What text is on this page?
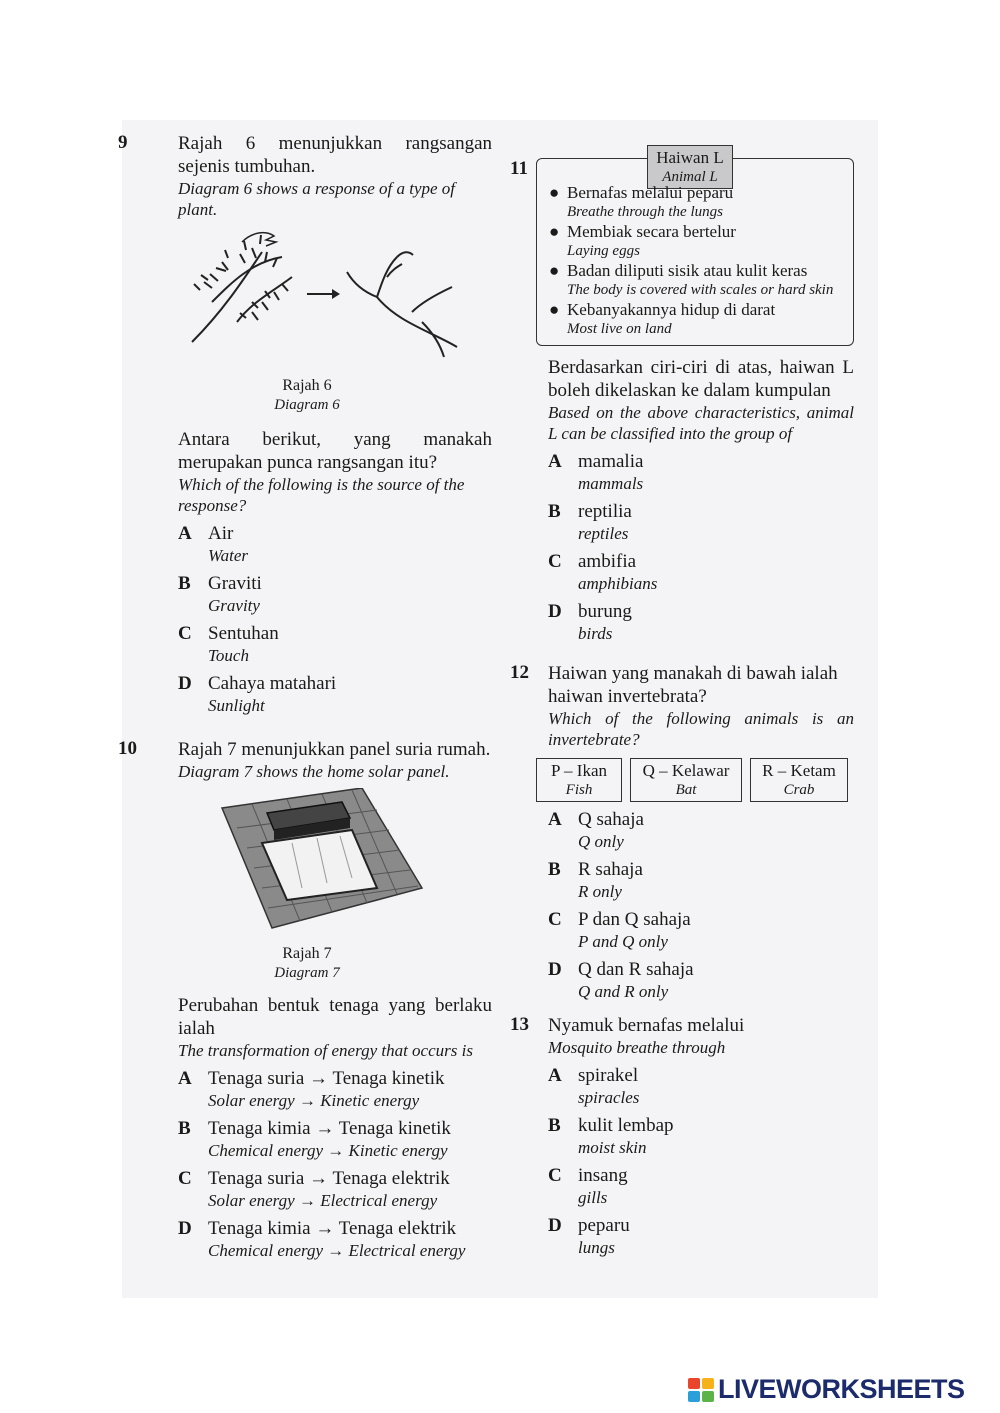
9	Rajah 6 menunjukkan rangsangan sejenis tumbuhan.
Diagram 6 shows a response of a type of plant.
Rajah 6
Diagram 6
Antara berikut, yang manakah merupakan punca rangsangan itu?
Which of the following is the source of the response?
A Air
Water
B Graviti
Gravity
C Sentuhan
Touch
D Cahaya matahari
Sunlight
10 Rajah 7 menunjukkan panel suria rumah.
Diagram 7 shows the home solar panel.
Rajah 7
Diagram 7
Perubahan bentuk tenaga yang berlaku ialah
The transformation of energy that occurs is
A Tenaga suria → Tenaga kinetik
Solar energy → Kinetic energy
B Tenaga kimia → Tenaga kinetik
Chemical energy → Kinetic energy
C Tenaga suria → Tenaga elektrik
Solar energy → Electrical energy
D Tenaga kimia → Tenaga elektrik
Chemical energy → Electrical energy
11
Haiwan L
Animal L
● Bernafas melalui peparu
Breathe through the lungs
● Membiak secara bertelur
Laying eggs
● Badan diliputi sisik atau kulit keras
The body is covered with scales or hard skin
● Kebanyakannya hidup di darat
Most live on land
Berdasarkan ciri-ciri di atas, haiwan L boleh dikelaskan ke dalam kumpulan
Based on the above characteristics, animal L can be classified into the group of
A mamalia
mammals
B reptilia
reptiles
C ambifia
amphibians
D burung
birds
12 Haiwan yang manakah di bawah ialah haiwan invertebrata?
Which of the following animals is an invertebrate?
P – Ikan
Fish
Q – Kelawar
Bat
R – Ketam
Crab
A Q sahaja
Q only
B R sahaja
R only
C P dan Q sahaja
P and Q only
D Q dan R sahaja
Q and R only
13 Nyamuk bernafas melalui
Mosquito breathe through
A spirakel
spiracles
B kulit lembap
moist skin
C insang
gills
D peparu
lungs
LIVEWORKSHEETS
